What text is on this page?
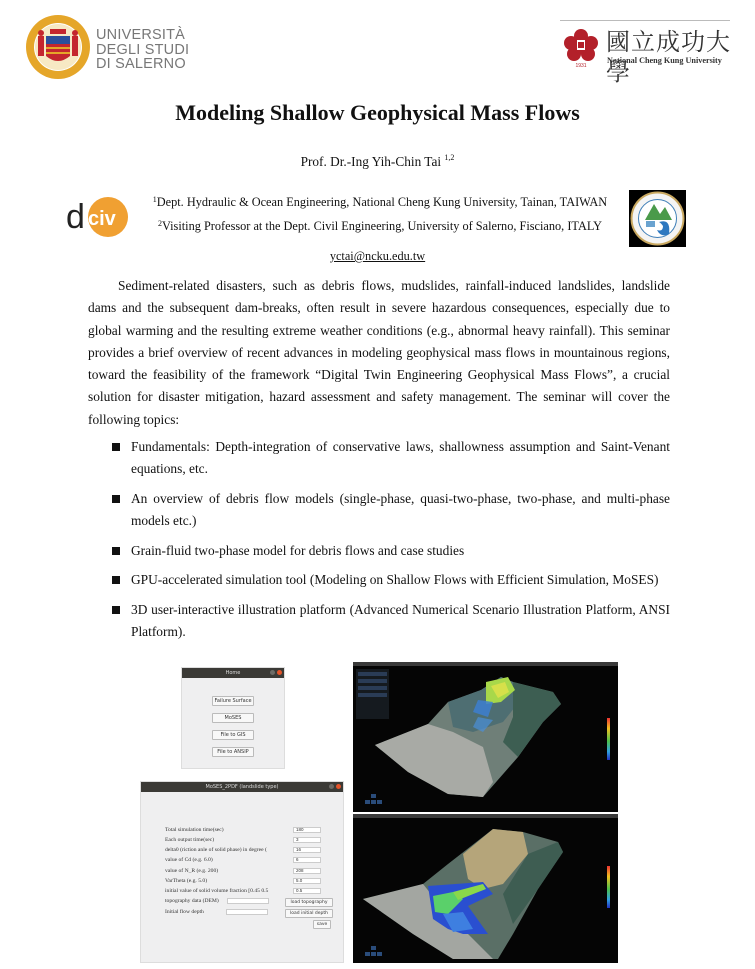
UNIVERSITÀ
DEGLI STUDI
DI SALERNO	1931
國立成功大學
National Cheng Kung University
Modeling Shallow Geophysical Mass Flows
Prof. Dr.-Ing Yih-Chin Tai $^{1,2}$
d civ
$^1$Dept. Hydraulic & Ocean Engineering, National Cheng Kung University, Tainan, TAIWAN
$^2$Visiting Professor at the Dept. Civil Engineering, University of Salerno, Fisciano, ITALY
yctai@ncku.edu.tw

Sediment-related disasters, such as debris flows, mudslides, rainfall-induced landslides, landslide dams and the subsequent dam-breaks, often result in severe hazardous consequences, especially due to global warming and the resulting extreme weather conditions (e.g., abnormal heavy rainfall). This seminar provides a brief overview of recent advances in modeling geophysical mass flows in mountainous regions, toward the feasibility of the framework “Digital Twin Engineering Geophysical Mass Flows”, a crucial solution for disaster mitigation, hazard assessment and safety management. The seminar will cover the following topics:

Fundamentals: Depth-integration of conservative laws, shallowness assumption and Saint-Venant equations, etc.
An overview of debris flow models (single-phase, quasi-two-phase, two-phase, and multi-phase models etc.)
Grain-fluid two-phase model for debris flows and case studies
GPU-accelerated simulation tool (Modeling on Shallow Flows with Efficient Simulation, MoSES)
3D user-interactive illustration platform (Advanced Numerical Scenario Illustration Platform, ANSI Platform).
Home
Failure Surface
MoSES
File to GIS
File to ANSIP
MoSES_2PDF (landslide type)
Total simulation time(sec)	180
Each output time(sec)	3
delta0 (riction anle of solid phase) in degree (	16
value of Cd (e.g. 6.0)	6
value of N_R (e.g. 200)	208
VarTheta (e.g. 5.0)	5.0
initial value of solid volume fraction [0.45 0.5	0.5
topography data (DEM)	load topography
Initial flow depth	load initial depth
save
